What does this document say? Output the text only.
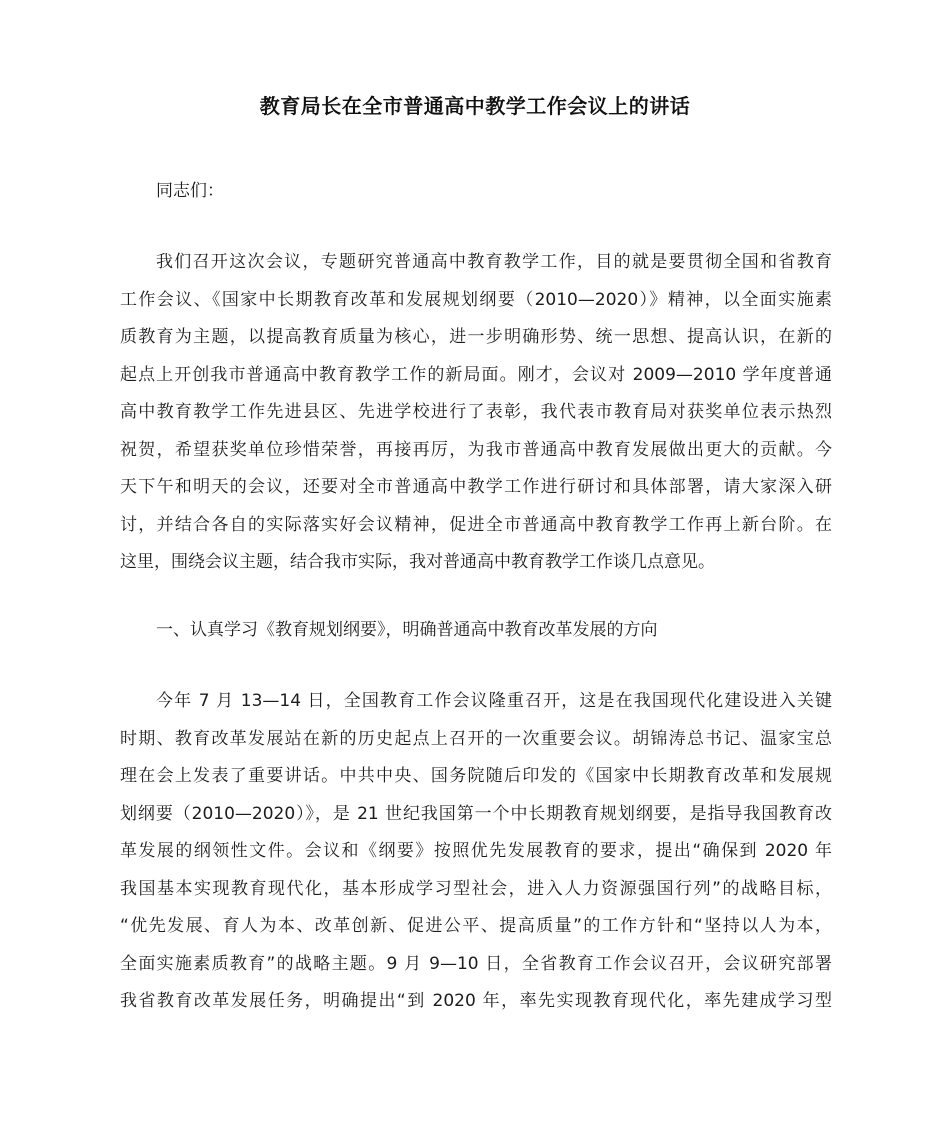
教育局长在全市普通高中教学工作会议上的讲话
同志们：
我们召开这次会议，专题研究普通高中教育教学工作，目的就是要贯彻全国和省教育
工作会议、《国家中长期教育改革和发展规划纲要（2010—2020）》精神，以全面实施素
质教育为主题，以提高教育质量为核心，进一步明确形势、统一思想、提高认识，在新的
起点上开创我市普通高中教育教学工作的新局面。刚才，会议对 2009—2010 学年度普通
高中教育教学工作先进县区、先进学校进行了表彰，我代表市教育局对获奖单位表示热烈
祝贺，希望获奖单位珍惜荣誉，再接再厉，为我市普通高中教育发展做出更大的贡献。今
天下午和明天的会议，还要对全市普通高中教学工作进行研讨和具体部署，请大家深入研
讨，并结合各自的实际落实好会议精神，促进全市普通高中教育教学工作再上新台阶。在
这里，围绕会议主题，结合我市实际，我对普通高中教育教学工作谈几点意见。
一、认真学习《教育规划纲要》，明确普通高中教育改革发展的方向
今年 7 月 13—14 日，全国教育工作会议隆重召开，这是在我国现代化建设进入关键
时期、教育改革发展站在新的历史起点上召开的一次重要会议。胡锦涛总书记、温家宝总
理在会上发表了重要讲话。中共中央、国务院随后印发的《国家中长期教育改革和发展规
划纲要（2010—2020）》，是 21 世纪我国第一个中长期教育规划纲要，是指导我国教育改
革发展的纲领性文件。会议和《纲要》按照优先发展教育的要求，提出“确保到 2020 年
我国基本实现教育现代化，基本形成学习型社会，进入人力资源强国行列”的战略目标，
“优先发展、育人为本、改革创新、促进公平、提高质量”的工作方针和“坚持以人为本，
全面实施素质教育”的战略主题。9 月 9—10 日，全省教育工作会议召开，会议研究部署
我省教育改革发展任务，明确提出“到 2020 年，率先实现教育现代化，率先建成学习型
